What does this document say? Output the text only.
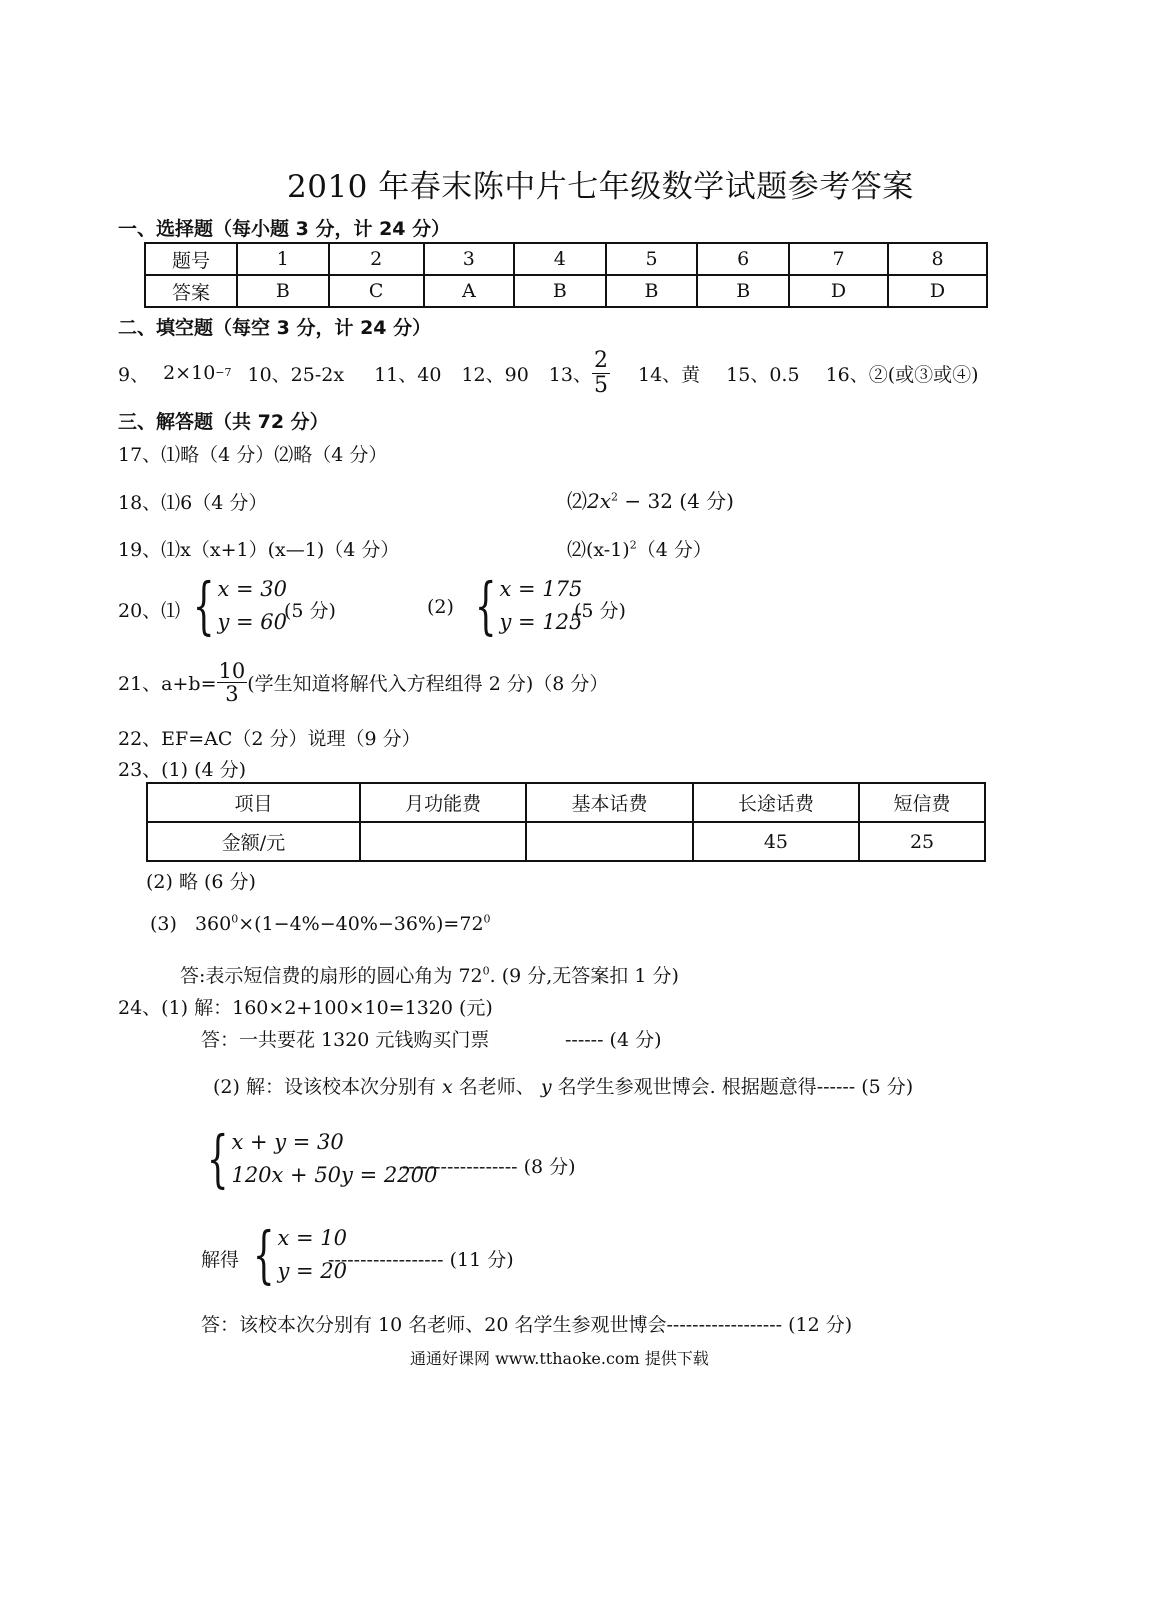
2010 年春末陈中片七年级数学试题参考答案
一、选择题（每小题 3 分，计 24 分）
题号	1	2	3	4	5	6	7	8
答案	B	C	A	B	B	B	D	D
二、填空题（每空 3 分，计 24 分）
9、 2×10 −7 10、25-2x 11、40 12、90 13、 $\frac{2}{5} 14$、黄 15、0.5 16、②(或③或④)
三、解答题（共 72 分）
17、⑴略（4 分）⑵略（4 分）
18、⑴6（4 分）	$⑵2x^2 - 32$ (4 分)
19、⑴x（x+1）(x—1)（4 分）	$⑵(x-1)^2(4$ 分）
20、⑴ { x = 30
y = 60
(5 分)	(2) { x = 175
y = 125
(5 分)
21、$a+b= \frac{10}{3}$ (学生知道将解代入方程组得 2 分)（8 分）
22、EF=AC（2 分）说理（9 分）
23、(1) (4 分)
项目	月功能费	基本话费	长途话费	短信费
金额/元			45	25
(2) 略 (6 分)
(3) $360^0\times(1-4\%-40\%-36\%)=72^0$
答:表示短信费的扇形的圆心角为 $72^0$. (9 分,无答案扣 1 分)
24、(1) 解：160×2+100×10=1320 (元)
答：一共要花 1320 元钱购买门票	------ (4 分)
(2) 解：设该校本次分别有 x 名老师、 y 名学生参观世博会. 根据题意得------ (5 分)
{ x + y = 30
120x + 50y = 2200
------------------ (8 分)
解得 { x = 10
y = 20
------------------ (11 分)
答：该校本次分别有 10 名老师、20 名学生参观世博会------------------ (12 分)
通通好课网 www.tthaoke.com 提供下载
